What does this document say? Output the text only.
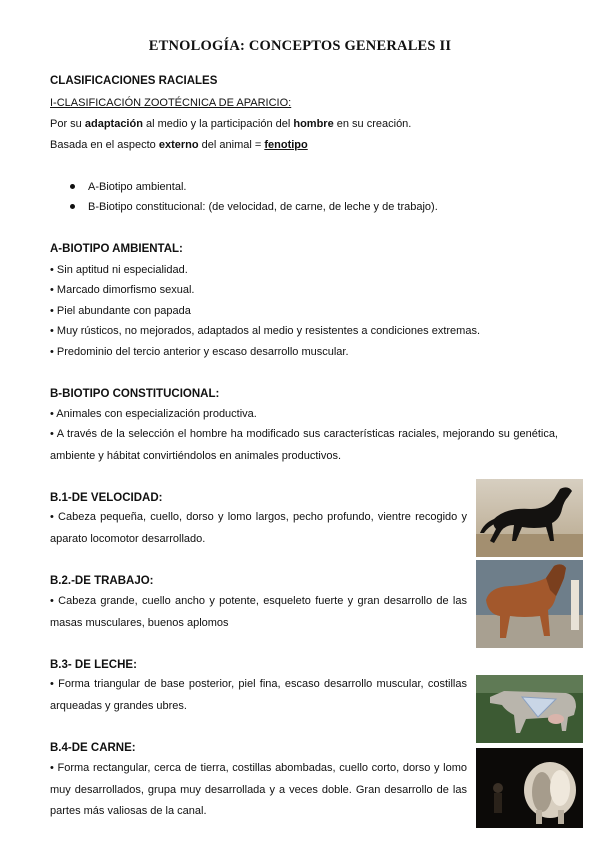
ETNOLOGÍA: CONCEPTOS GENERALES II
CLASIFICACIONES RACIALES
I-CLASIFICACIÓN ZOOTÉCNICA DE APARICIO:
Por su adaptación al medio y la participación del hombre en su creación.
Basada en el aspecto externo del animal = fenotipo
A-Biotipo ambiental.
B-Biotipo constitucional: (de velocidad, de carne, de leche y de trabajo).
A-BIOTIPO AMBIENTAL:
• Sin aptitud ni especialidad.
• Marcado dimorfismo sexual.
• Piel abundante con papada
• Muy rústicos, no mejorados, adaptados al medio y resistentes a condiciones extremas.
• Predominio del tercio anterior y escaso desarrollo muscular.
B-BIOTIPO CONSTITUCIONAL:
• Animales con especialización productiva.
• A través de la selección el hombre ha modificado sus características raciales, mejorando su genética, ambiente y hábitat convirtiéndolos en animales productivos.
B.1-DE VELOCIDAD:
• Cabeza pequeña, cuello, dorso y lomo largos, pecho profundo, vientre recogido y aparato locomotor desarrollado.
B.2.-DE TRABAJO:
• Cabeza grande, cuello ancho y potente, esqueleto fuerte y gran desarrollo de las masas musculares, buenos aplomos
B.3- DE LECHE:
• Forma triangular de base posterior, piel fina, escaso desarrollo muscular, costillas arqueadas y grandes ubres.
B.4-DE CARNE:
• Forma rectangular, cerca de tierra, costillas abombadas, cuello corto, dorso y lomo muy desarrollados, grupa muy desarrollada y a veces doble. Gran desarrollo de las partes más valiosas de la canal.
